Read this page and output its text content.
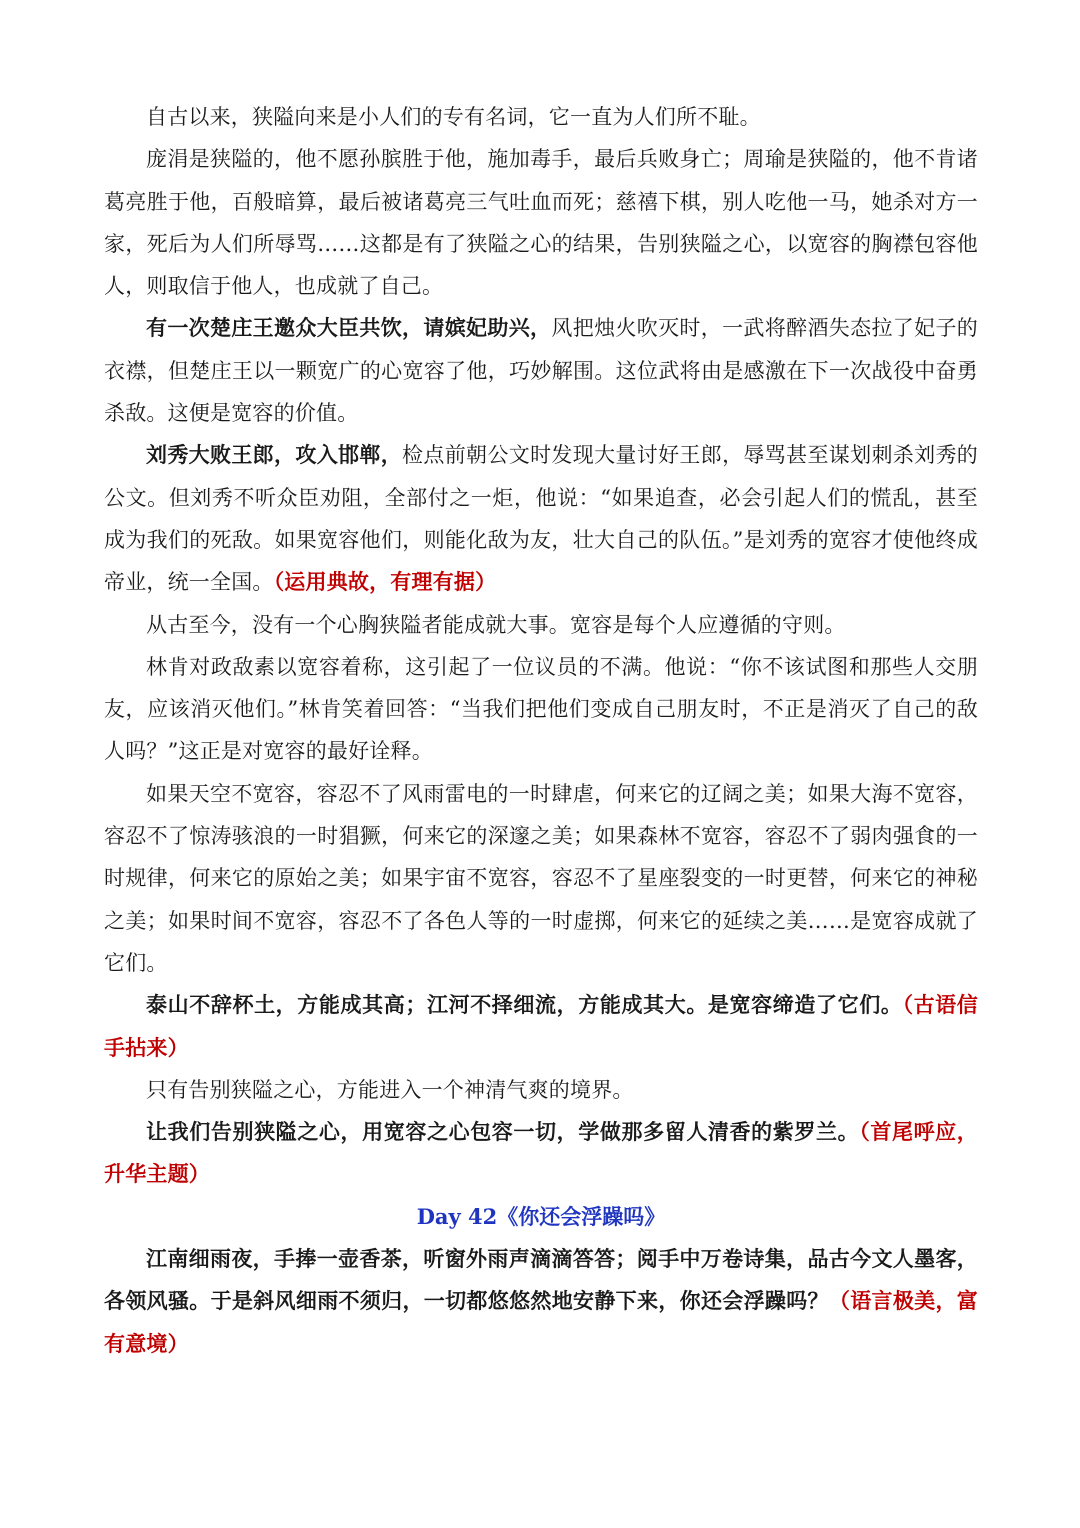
自古以来，狭隘向来是小人们的专有名词，它一直为人们所不耻。

庞涓是狭隘的，他不愿孙膑胜于他，施加毒手，最后兵败身亡；周瑜是狭隘的，他不肯诸葛亮胜于他，百般暗算，最后被诸葛亮三气吐血而死；慈禧下棋，别人吃他一马，她杀对方一家，死后为人们所辱骂……这都是有了狭隘之心的结果，告别狭隘之心，以宽容的胸襟包容他人，则取信于他人，也成就了自己。

有一次楚庄王邀众大臣共饮，请嫔妃助兴，风把烛火吹灭时，一武将醉酒失态拉了妃子的衣襟，但楚庄王以一颗宽广的心宽容了他，巧妙解围。这位武将由是感激在下一次战役中奋勇杀敌。这便是宽容的价值。

刘秀大败王郎，攻入邯郸，检点前朝公文时发现大量讨好王郎，辱骂甚至谋划刺杀刘秀的公文。但刘秀不听众臣劝阻，全部付之一炬，他说：“如果追查，必会引起人们的慌乱，甚至成为我们的死敌。如果宽容他们，则能化敌为友，壮大自己的队伍。”是刘秀的宽容才使他终成帝业，统一全国。（运用典故，有理有据）

从古至今，没有一个心胸狭隘者能成就大事。宽容是每个人应遵循的守则。

林肯对政敌素以宽容着称，这引起了一位议员的不满。他说：“你不该试图和那些人交朋友，应该消灭他们。”林肯笑着回答：“当我们把他们变成自己朋友时，不正是消灭了自己的敌人吗？”这正是对宽容的最好诠释。

如果天空不宽容，容忍不了风雨雷电的一时肆虐，何来它的辽阔之美；如果大海不宽容，容忍不了惊涛骇浪的一时猖獗，何来它的深邃之美；如果森林不宽容，容忍不了弱肉强食的一时规律，何来它的原始之美；如果宇宙不宽容，容忍不了星座裂变的一时更替，何来它的神秘之美；如果时间不宽容，容忍不了各色人等的一时虚掷，何来它的延续之美……是宽容成就了它们。

泰山不辞杯土，方能成其高；江河不择细流，方能成其大。是宽容缔造了它们。（古语信手拈来）

只有告别狭隘之心，方能进入一个神清气爽的境界。

让我们告别狭隘之心，用宽容之心包容一切，学做那多留人清香的紫罗兰。（首尾呼应，升华主题）

Day 42《你还会浮躁吗》

江南细雨夜，手捧一壶香茶，听窗外雨声滴滴答答；阅手中万卷诗集，品古今文人墨客，各领风骚。于是斜风细雨不须归，一切都悠悠然地安静下来，你还会浮躁吗？（语言极美，富有意境）
